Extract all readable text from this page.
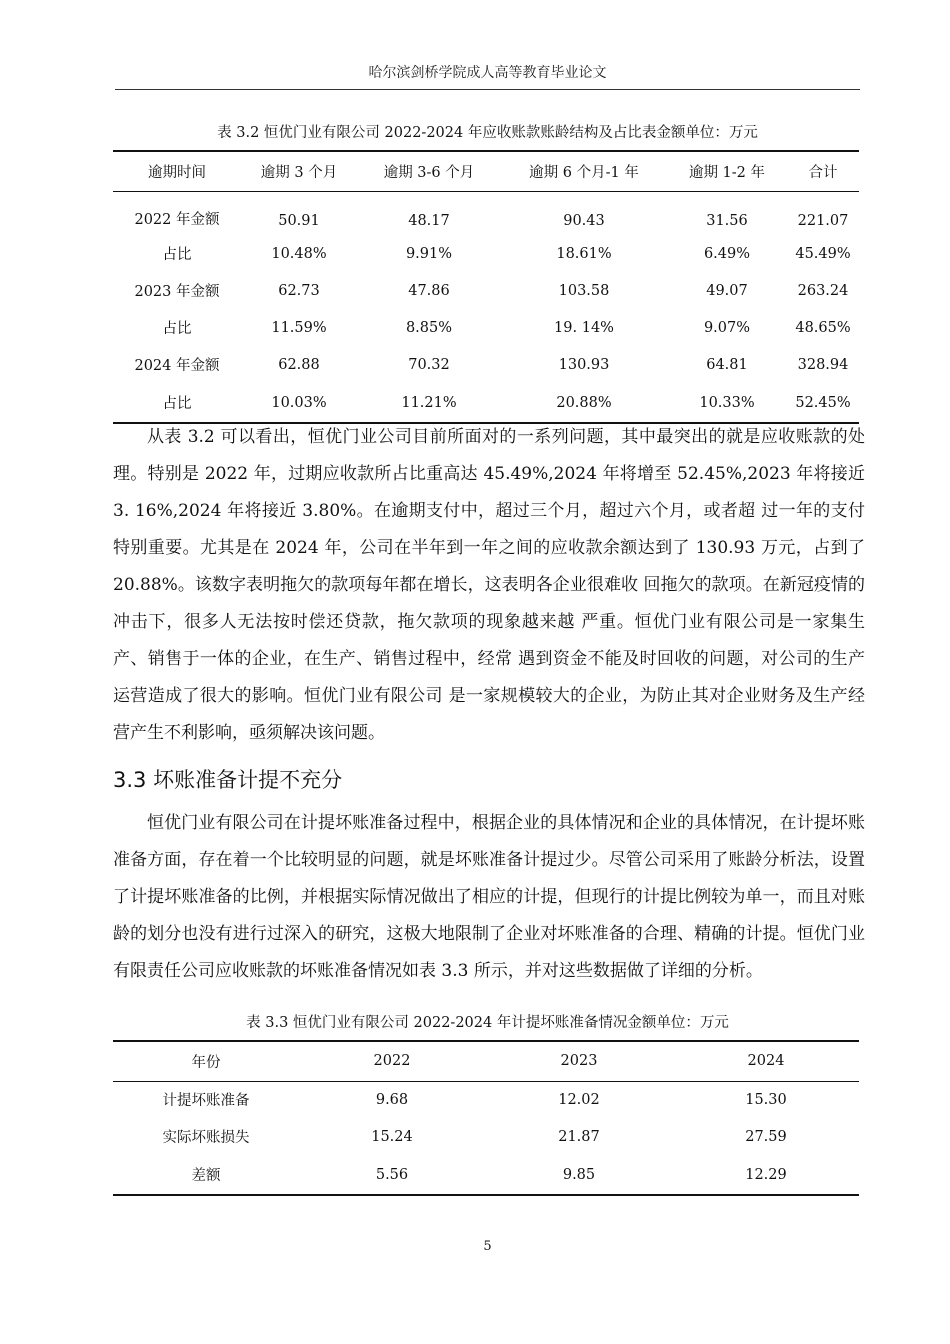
哈尔滨剑桥学院成人高等教育毕业论文
表 3.2 恒优门业有限公司 2022-2024 年应收账款账龄结构及占比表金额单位：万元
逾期时间	逾期 3 个月	逾期 3-6 个月	逾期 6 个月-1 年	逾期 1-2 年	合计
2022 年金额	50.91	48.17	90.43	31.56	221.07
占比	10.48%	9.91%	18.61%	6.49%	45.49%
2023 年金额	62.73	47.86	103.58	49.07	263.24
占比	11.59%	8.85%	19. 14%	9.07%	48.65%
2024 年金额	62.88	70.32	130.93	64.81	328.94
占比	10.03%	11.21%	20.88%	10.33%	52.45%

从表 3.2 可以看出，恒优门业公司目前所面对的一系列问题，其中最突出的就是应收账款的处理。特别是 2022 年，过期应收款所占比重高达 45.49%,2024 年将增至 52.45%,2023 年将接近 3. 16%,2024 年将接近 3.80%。在逾期支付中，超过三个月，超过六个月，或者超 过一年的支付特别重要。尤其是在 2024 年，公司在半年到一年之间的应收款余额达到了 130.93 万元，占到了 20.88%。该数字表明拖欠的款项每年都在增长，这表明各企业很难收 回拖欠的款项。在新冠疫情的冲击下，很多人无法按时偿还贷款，拖欠款项的现象越来越 严重。恒优门业有限公司是一家集生产、销售于一体的企业，在生产、销售过程中，经常 遇到资金不能及时回收的问题，对公司的生产运营造成了很大的影响。恒优门业有限公司 是一家规模较大的企业，为防止其对企业财务及生产经营产生不利影响，亟须解决该问题。

3.3 坏账准备计提不充分

恒优门业有限公司在计提坏账准备过程中，根据企业的具体情况和企业的具体情况，在计提坏账准备方面，存在着一个比较明显的问题，就是坏账准备计提过少。尽管公司采用了账龄分析法，设置了计提坏账准备的比例，并根据实际情况做出了相应的计提，但现行的计提比例较为单一，而且对账龄的划分也没有进行过深入的研究，这极大地限制了企业对坏账准备的合理、精确的计提。恒优门业有限责任公司应收账款的坏账准备情况如表 3.3 所示，并对这些数据做了详细的分析。

表 3.3 恒优门业有限公司 2022-2024 年计提坏账准备情况金额单位：万元
年份	2022	2023	2024
计提坏账准备	9.68	12.02	15.30
实际坏账损失	15.24	21.87	27.59
差额	5.56	9.85	12.29
5
